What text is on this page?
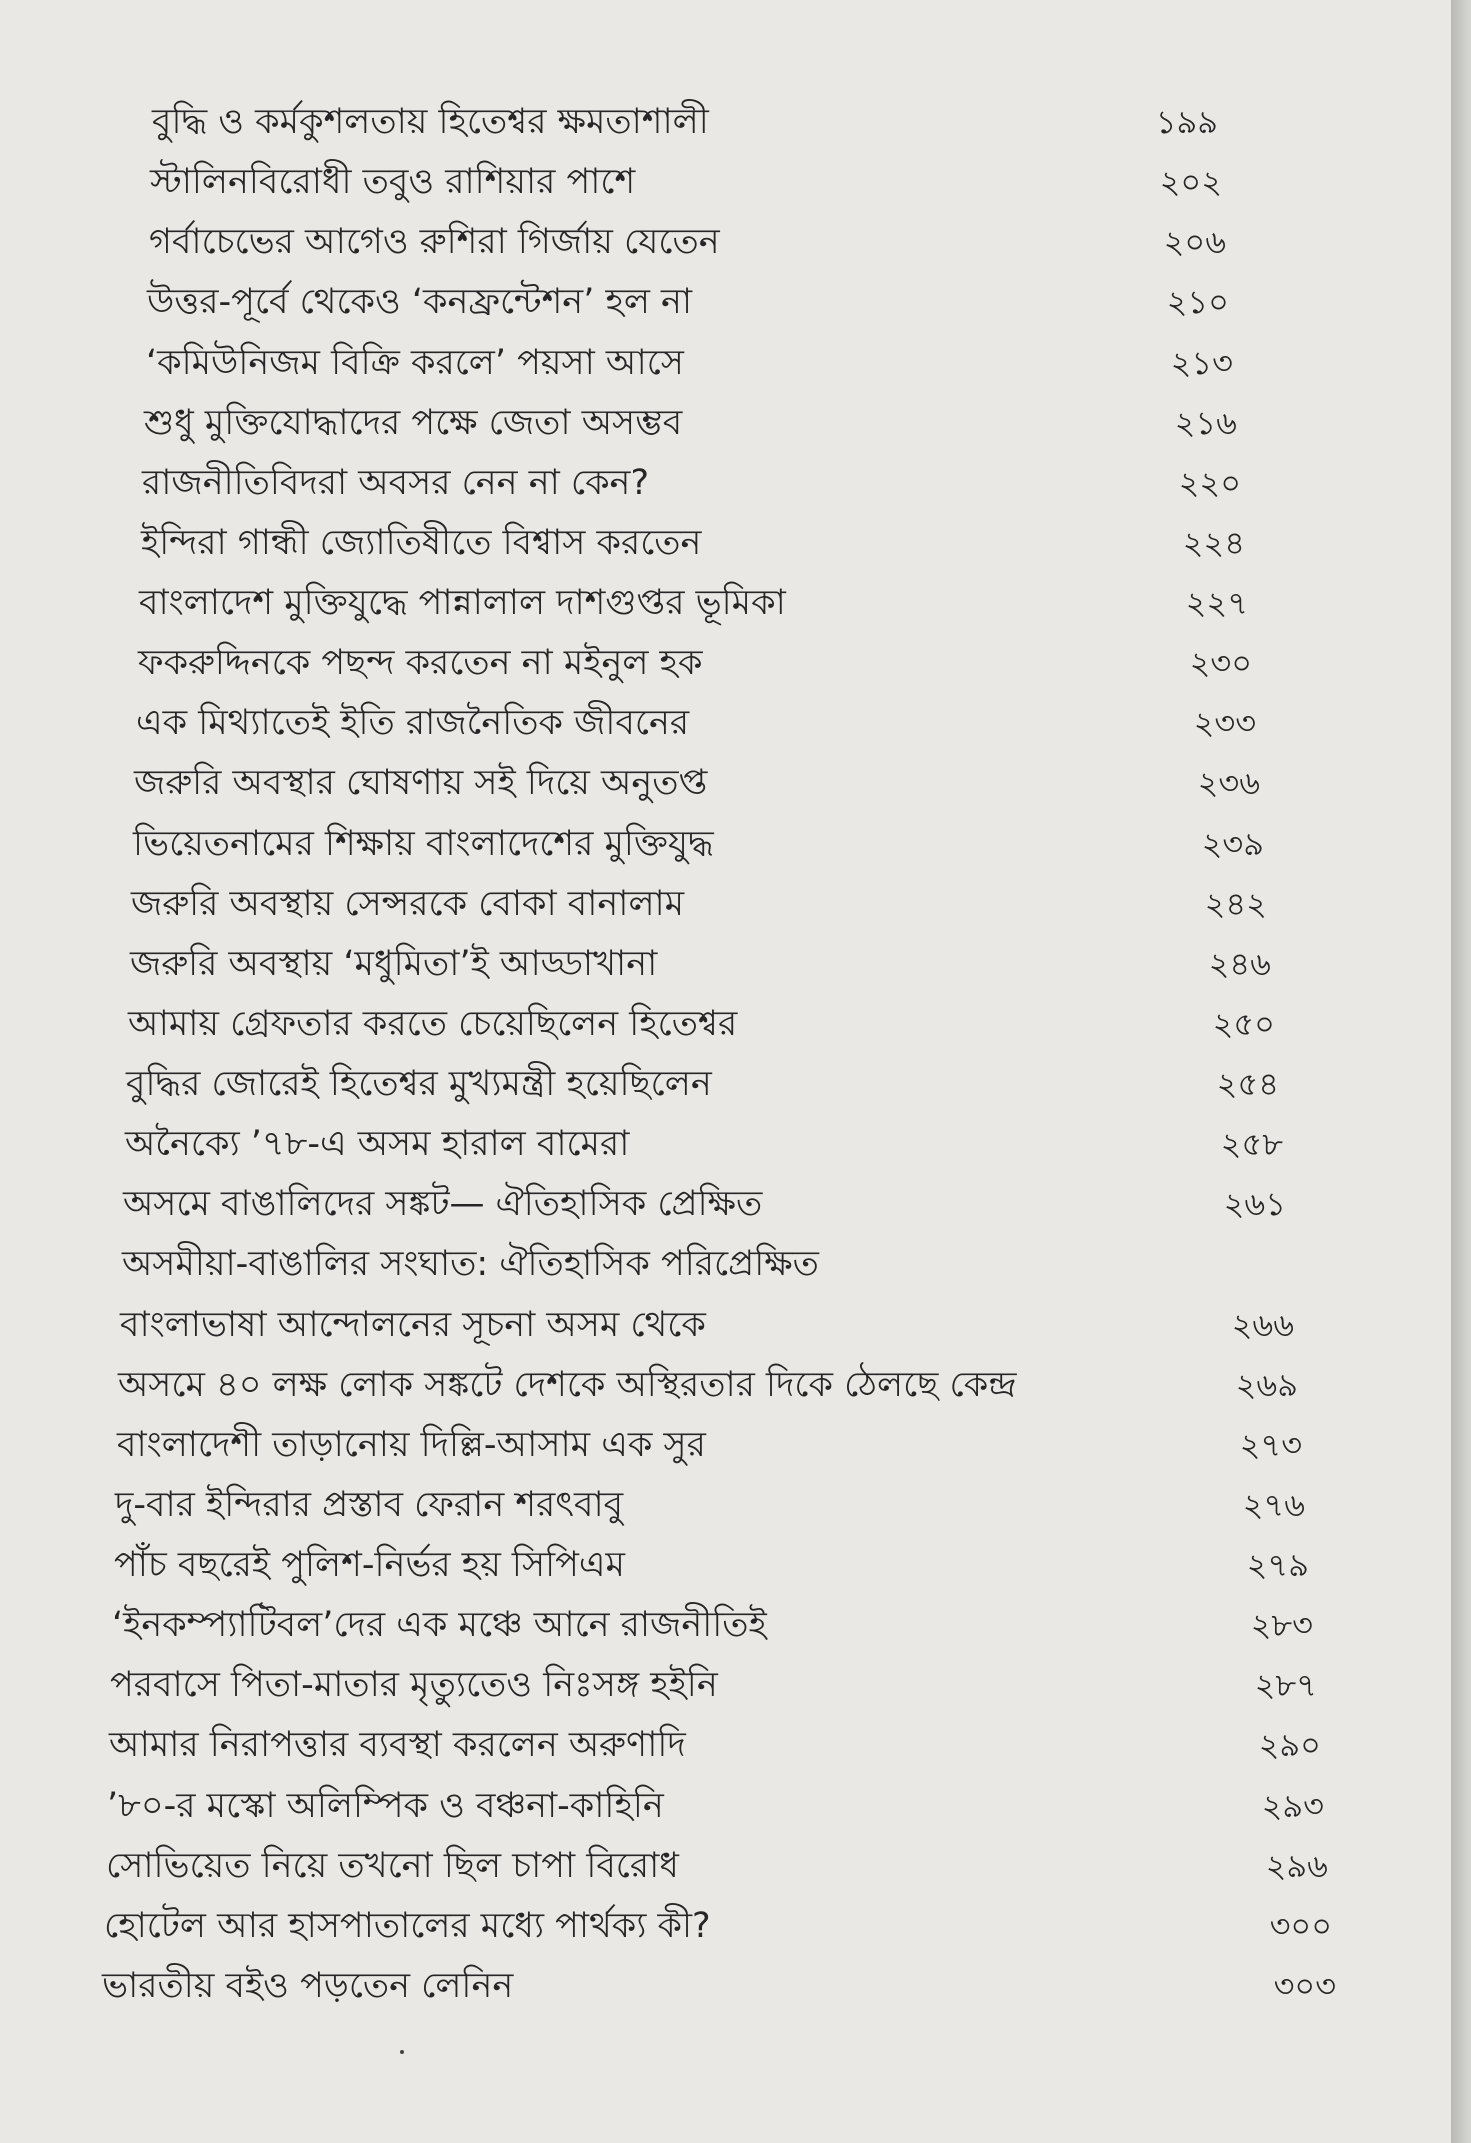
বুদ্ধি ও কর্মকুশলতায় হিতেশ্বর ক্ষমতাশালী	১৯৯
স্টালিনবিরোধী তবুও রাশিয়ার পাশে	২০২
গর্বাচেভের আগেও রুশিরা গির্জায় যেতেন	২০৬
উত্তর-পূর্বে থেকেও ‘কনফ্রন্টেশন’ হল না	২১০
‘কমিউনিজম বিক্রি করলে’ পয়সা আসে	২১৩
শুধু মুক্তিযোদ্ধাদের পক্ষে জেতা অসম্ভব	২১৬
রাজনীতিবিদরা অবসর নেন না কেন?	২২০
ইন্দিরা গান্ধী জ্যোতিষীতে বিশ্বাস করতেন	২২৪
বাংলাদেশ মুক্তিযুদ্ধে পান্নালাল দাশগুপ্তর ভূমিকা	২২৭
ফকরুদ্দিনকে পছন্দ করতেন না মইনুল হক	২৩০
এক মিথ্যাতেই ইতি রাজনৈতিক জীবনের	২৩৩
জরুরি অবস্থার ঘোষণায় সই দিয়ে অনুতপ্ত	২৩৬
ভিয়েতনামের শিক্ষায় বাংলাদেশের মুক্তিযুদ্ধ	২৩৯
জরুরি অবস্থায় সেন্সরকে বোকা বানালাম	২৪২
জরুরি অবস্থায় ‘মধুমিতা’ই আড্ডাখানা	২৪৬
আমায় গ্রেফতার করতে চেয়েছিলেন হিতেশ্বর	২৫০
বুদ্ধির জোরেই হিতেশ্বর মুখ্যমন্ত্রী হয়েছিলেন	২৫৪
অনৈক্যে ’৭৮-এ অসম হারাল বামেরা	২৫৮
অসমে বাঙালিদের সঙ্কট— ঐতিহাসিক প্রেক্ষিত	২৬১
অসমীয়া-বাঙালির সংঘাত: ঐতিহাসিক পরিপ্রেক্ষিত
বাংলাভাষা আন্দোলনের সূচনা অসম থেকে	২৬৬
অসমে ৪০ লক্ষ লোক সঙ্কটে দেশকে অস্থিরতার দিকে ঠেলছে কেন্দ্র	২৬৯
বাংলাদেশী তাড়ানোয় দিল্লি-আসাম এক সুর	২৭৩
দু-বার ইন্দিরার প্রস্তাব ফেরান শরৎবাবু	২৭৬
পাঁচ বছরেই পুলিশ-নির্ভর হয় সিপিএম	২৭৯
‘ইনকম্প্যাটিবল’দের এক মঞ্চে আনে রাজনীতিই	২৮৩
পরবাসে পিতা-মাতার মৃত্যুতেও নিঃসঙ্গ হইনি	২৮৭
আমার নিরাপত্তার ব্যবস্থা করলেন অরুণাদি	২৯০
’৮০-র মস্কো অলিম্পিক ও বঞ্চনা-কাহিনি	২৯৩
সোভিয়েত নিয়ে তখনো ছিল চাপা বিরোধ	২৯৬
হোটেল আর হাসপাতালের মধ্যে পার্থক্য কী?	৩০০
ভারতীয় বইও পড়তেন লেনিন	৩০৩
